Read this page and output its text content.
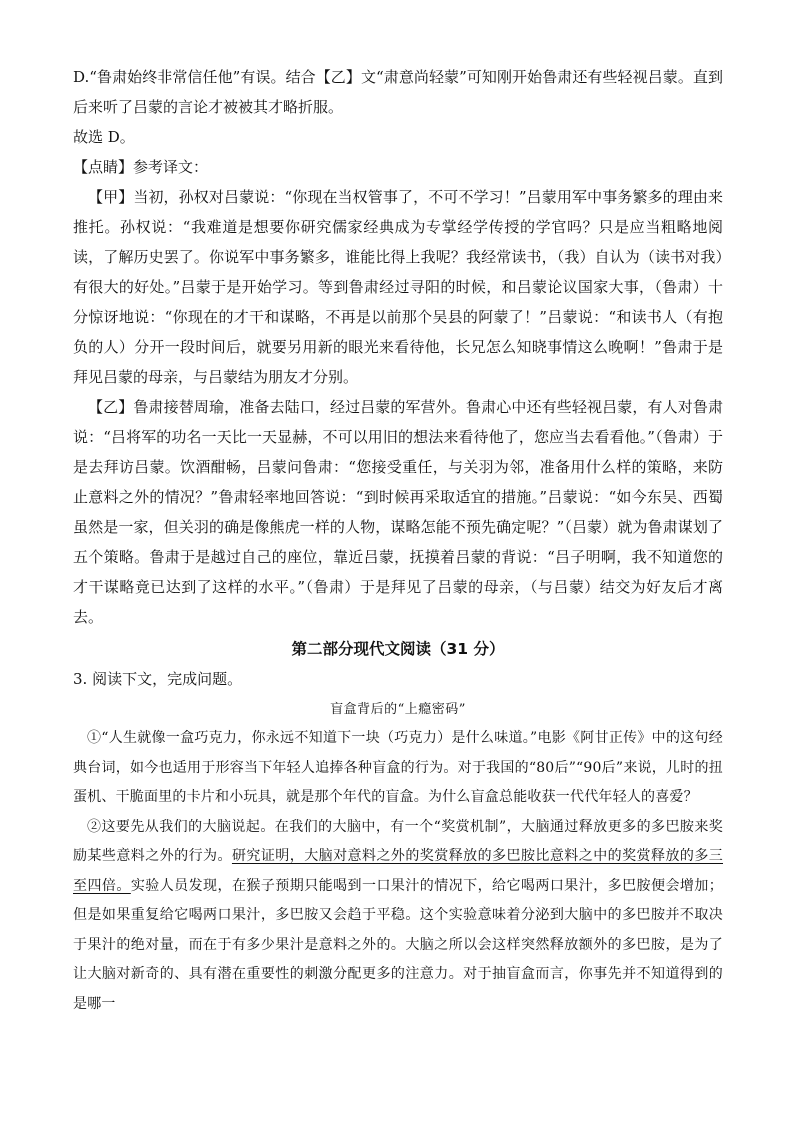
D.“鲁肃始终非常信任他”有误。结合【乙】文“肃意尚轻蒙”可知刚开始鲁肃还有些轻视吕蒙。直到后来听了吕蒙的言论才被被其才略折服。

故选 D。

【点睛】参考译文：

【甲】当初，孙权对吕蒙说：“你现在当权管事了，不可不学习！”吕蒙用军中事务繁多的理由来推托。孙权说：“我难道是想要你研究儒家经典成为专掌经学传授的学官吗？只是应当粗略地阅读，了解历史罢了。你说军中事务繁多，谁能比得上我呢？我经常读书，（我）自认为（读书对我）有很大的好处。”吕蒙于是开始学习。等到鲁肃经过寻阳的时候，和吕蒙论议国家大事，（鲁肃）十分惊讶地说：“你现在的才干和谋略，不再是以前那个吴县的阿蒙了！”吕蒙说：“和读书人（有抱负的人）分开一段时间后，就要另用新的眼光来看待他，长兄怎么知晓事情这么晚啊！”鲁肃于是拜见吕蒙的母亲，与吕蒙结为朋友才分别。

【乙】鲁肃接替周瑜，准备去陆口，经过吕蒙的军营外。鲁肃心中还有些轻视吕蒙，有人对鲁肃说：“吕将军的功名一天比一天显赫，不可以用旧的想法来看待他了，您应当去看看他。”（鲁肃）于是去拜访吕蒙。饮酒酣畅，吕蒙问鲁肃：“您接受重任，与关羽为邻，准备用什么样的策略，来防止意料之外的情况？”鲁肃轻率地回答说：“到时候再采取适宜的措施。”吕蒙说：“如今东吴、西蜀虽然是一家，但关羽的确是像熊虎一样的人物，谋略怎能不预先确定呢？”（吕蒙）就为鲁肃谋划了五个策略。鲁肃于是越过自己的座位，靠近吕蒙，抚摸着吕蒙的背说：“吕子明啊，我不知道您的才干谋略竟已达到了这样的水平。”（鲁肃）于是拜见了吕蒙的母亲，（与吕蒙）结交为好友后才离去。

第二部分现代文阅读（31 分）

3. 阅读下文，完成问题。

盲盒背后的“上瘾密码”

①“人生就像一盒巧克力，你永远不知道下一块（巧克力）是什么味道。”电影《阿甘正传》中的这句经典台词，如今也适用于形容当下年轻人追捧各种盲盒的行为。对于我国的“80后”“90后”来说，儿时的扭蛋机、干脆面里的卡片和小玩具，就是那个年代的盲盒。为什么盲盒总能收获一代代年轻人的喜爱？

②这要先从我们的大脑说起。在我们的大脑中，有一个“奖赏机制”，大脑通过释放更多的多巴胺来奖励某些意料之外的行为。研究证明，大脑对意料之外的奖赏释放的多巴胺比意料之中的奖赏释放的多三至四倍。实验人员发现，在猴子预期只能喝到一口果汁的情况下，给它喝两口果汁，多巴胺便会增加；但是如果重复给它喝两口果汁，多巴胺又会趋于平稳。这个实验意味着分泌到大脑中的多巴胺并不取决于果汁的绝对量，而在于有多少果汁是意料之外的。大脑之所以会这样突然释放额外的多巴胺，是为了让大脑对新奇的、具有潜在重要性的刺激分配更多的注意力。对于抽盲盒而言，你事先并不知道得到的是哪一
